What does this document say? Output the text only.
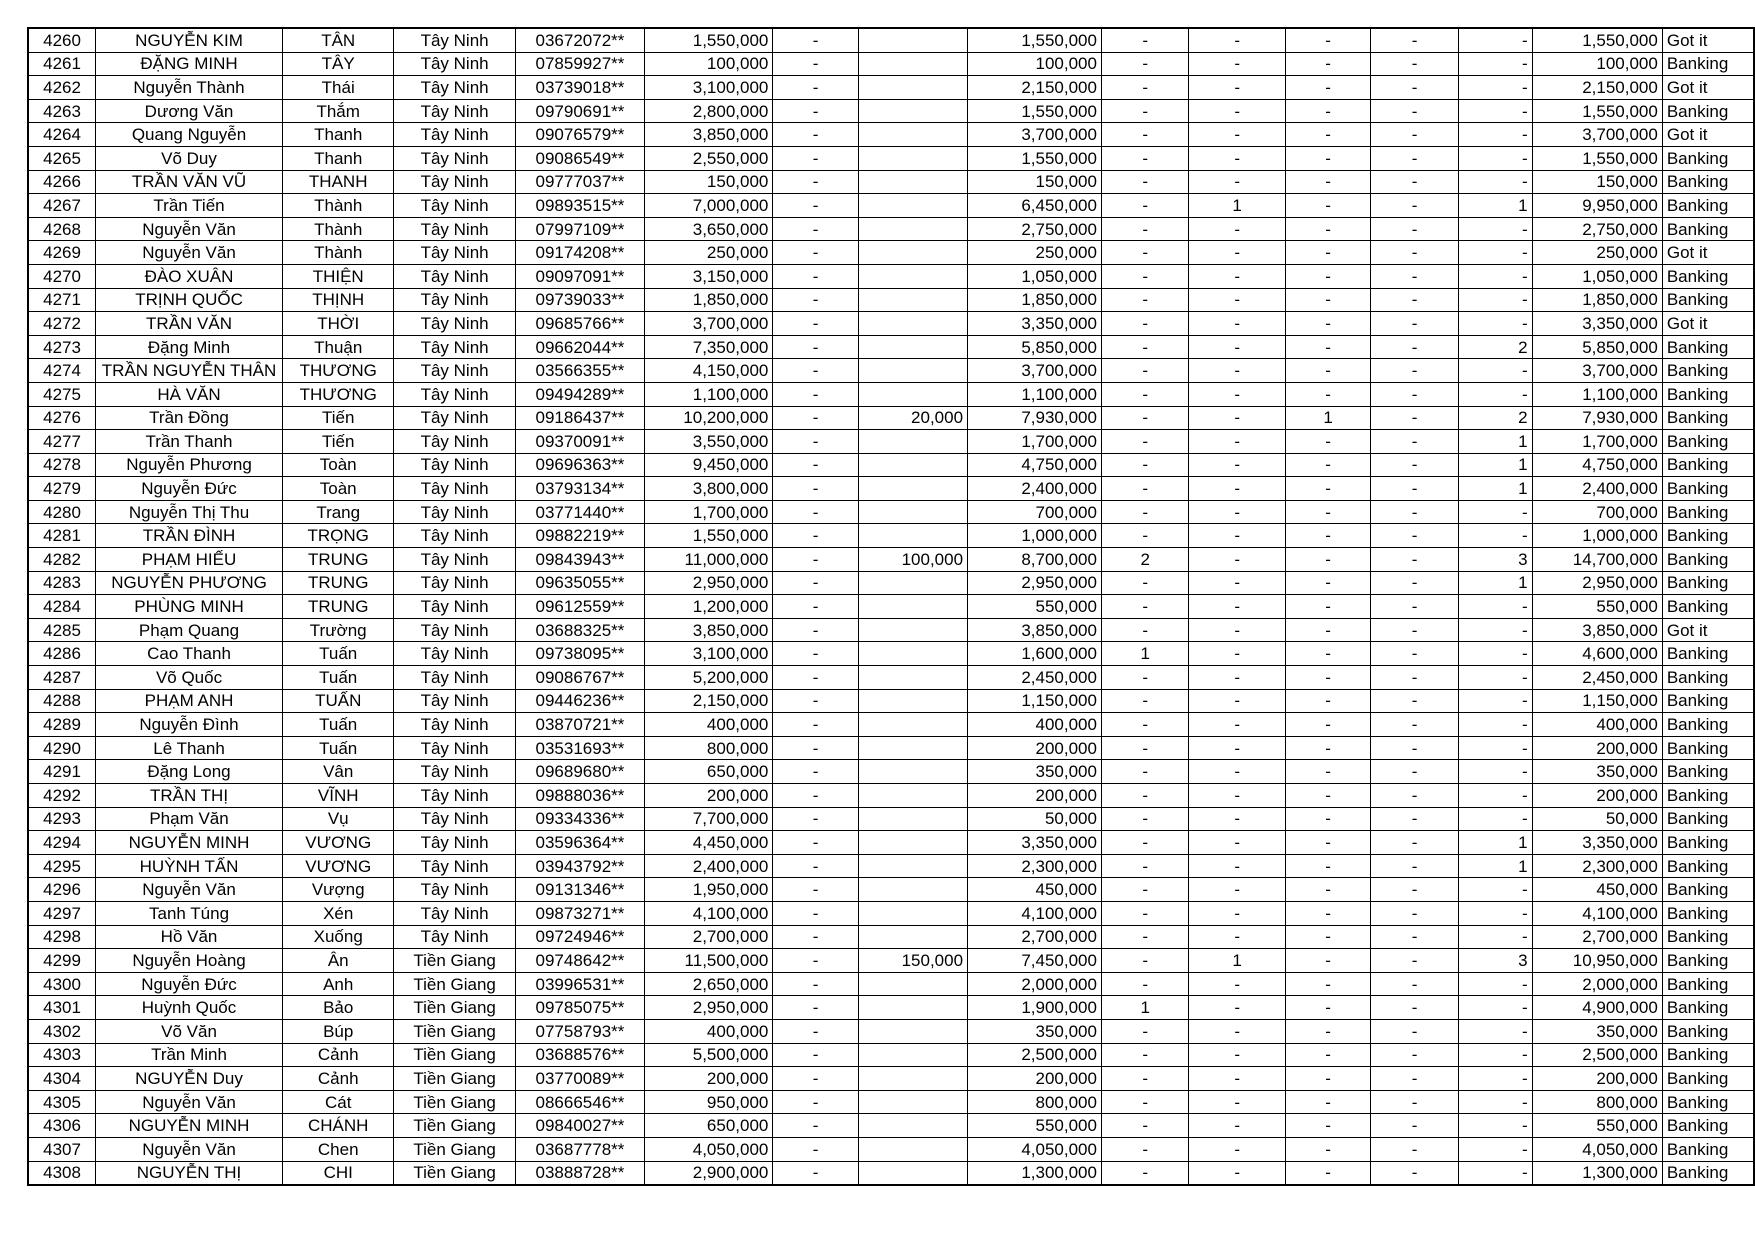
4260	NGUYỄN KIM	TÂN	Tây Ninh	03672072**	1,550,000	-		1,550,000	-	-	-	-	-	1,550,000	Got it
4261	ĐẶNG MINH	TÂY	Tây Ninh	07859927**	100,000	-		100,000	-	-	-	-	-	100,000	Banking
4262	Nguyễn Thành	Thái	Tây Ninh	03739018**	3,100,000	-		2,150,000	-	-	-	-	-	2,150,000	Got it
4263	Dương Văn	Thắm	Tây Ninh	09790691**	2,800,000	-		1,550,000	-	-	-	-	-	1,550,000	Banking
4264	Quang Nguyễn	Thanh	Tây Ninh	09076579**	3,850,000	-		3,700,000	-	-	-	-	-	3,700,000	Got it
4265	Võ Duy	Thanh	Tây Ninh	09086549**	2,550,000	-		1,550,000	-	-	-	-	-	1,550,000	Banking
4266	TRẦN VĂN VŨ	THANH	Tây Ninh	09777037**	150,000	-		150,000	-	-	-	-	-	150,000	Banking
4267	Trần Tiến	Thành	Tây Ninh	09893515**	7,000,000	-		6,450,000	-	1	-	-	1	9,950,000	Banking
4268	Nguyễn Văn	Thành	Tây Ninh	07997109**	3,650,000	-		2,750,000	-	-	-	-	-	2,750,000	Banking
4269	Nguyễn Văn	Thành	Tây Ninh	09174208**	250,000	-		250,000	-	-	-	-	-	250,000	Got it
4270	ĐÀO XUÂN	THIỆN	Tây Ninh	09097091**	3,150,000	-		1,050,000	-	-	-	-	-	1,050,000	Banking
4271	TRỊNH QUỐC	THỊNH	Tây Ninh	09739033**	1,850,000	-		1,850,000	-	-	-	-	-	1,850,000	Banking
4272	TRẦN VĂN	THỜI	Tây Ninh	09685766**	3,700,000	-		3,350,000	-	-	-	-	-	3,350,000	Got it
4273	Đặng Minh	Thuận	Tây Ninh	09662044**	7,350,000	-		5,850,000	-	-	-	-	2	5,850,000	Banking
4274	TRẦN NGUYỄN THÂN	THƯƠNG	Tây Ninh	03566355**	4,150,000	-		3,700,000	-	-	-	-	-	3,700,000	Banking
4275	HÀ VĂN	THƯƠNG	Tây Ninh	09494289**	1,100,000	-		1,100,000	-	-	-	-	-	1,100,000	Banking
4276	Trần Đồng	Tiến	Tây Ninh	09186437**	10,200,000	-	20,000	7,930,000	-	-	1	-	2	7,930,000	Banking
4277	Trần Thanh	Tiến	Tây Ninh	09370091**	3,550,000	-		1,700,000	-	-	-	-	1	1,700,000	Banking
4278	Nguyễn Phương	Toàn	Tây Ninh	09696363**	9,450,000	-		4,750,000	-	-	-	-	1	4,750,000	Banking
4279	Nguyễn Đức	Toàn	Tây Ninh	03793134**	3,800,000	-		2,400,000	-	-	-	-	1	2,400,000	Banking
4280	Nguyễn Thị Thu	Trang	Tây Ninh	03771440**	1,700,000	-		700,000	-	-	-	-	-	700,000	Banking
4281	TRẦN ĐÌNH	TRỌNG	Tây Ninh	09882219**	1,550,000	-		1,000,000	-	-	-	-	-	1,000,000	Banking
4282	PHẠM HIẾU	TRUNG	Tây Ninh	09843943**	11,000,000	-	100,000	8,700,000	2	-	-	-	3	14,700,000	Banking
4283	NGUYỄN PHƯƠNG	TRUNG	Tây Ninh	09635055**	2,950,000	-		2,950,000	-	-	-	-	1	2,950,000	Banking
4284	PHÙNG MINH	TRUNG	Tây Ninh	09612559**	1,200,000	-		550,000	-	-	-	-	-	550,000	Banking
4285	Phạm Quang	Trường	Tây Ninh	03688325**	3,850,000	-		3,850,000	-	-	-	-	-	3,850,000	Got it
4286	Cao Thanh	Tuấn	Tây Ninh	09738095**	3,100,000	-		1,600,000	1	-	-	-	-	4,600,000	Banking
4287	Võ Quốc	Tuấn	Tây Ninh	09086767**	5,200,000	-		2,450,000	-	-	-	-	-	2,450,000	Banking
4288	PHẠM ANH	TUẤN	Tây Ninh	09446236**	2,150,000	-		1,150,000	-	-	-	-	-	1,150,000	Banking
4289	Nguyễn Đình	Tuấn	Tây Ninh	03870721**	400,000	-		400,000	-	-	-	-	-	400,000	Banking
4290	Lê Thanh	Tuấn	Tây Ninh	03531693**	800,000	-		200,000	-	-	-	-	-	200,000	Banking
4291	Đặng Long	Vân	Tây Ninh	09689680**	650,000	-		350,000	-	-	-	-	-	350,000	Banking
4292	TRẦN THỊ	VĨNH	Tây Ninh	09888036**	200,000	-		200,000	-	-	-	-	-	200,000	Banking
4293	Phạm Văn	Vụ	Tây Ninh	09334336**	7,700,000	-		50,000	-	-	-	-	-	50,000	Banking
4294	NGUYỄN MINH	VƯƠNG	Tây Ninh	03596364**	4,450,000	-		3,350,000	-	-	-	-	1	3,350,000	Banking
4295	HUỲNH TẤN	VƯƠNG	Tây Ninh	03943792**	2,400,000	-		2,300,000	-	-	-	-	1	2,300,000	Banking
4296	Nguyễn Văn	Vượng	Tây Ninh	09131346**	1,950,000	-		450,000	-	-	-	-	-	450,000	Banking
4297	Tanh Túng	Xén	Tây Ninh	09873271**	4,100,000	-		4,100,000	-	-	-	-	-	4,100,000	Banking
4298	Hồ Văn	Xuống	Tây Ninh	09724946**	2,700,000	-		2,700,000	-	-	-	-	-	2,700,000	Banking
4299	Nguyễn Hoàng	Ân	Tiền Giang	09748642**	11,500,000	-	150,000	7,450,000	-	1	-	-	3	10,950,000	Banking
4300	Nguyễn Đức	Anh	Tiền Giang	03996531**	2,650,000	-		2,000,000	-	-	-	-	-	2,000,000	Banking
4301	Huỳnh Quốc	Bảo	Tiền Giang	09785075**	2,950,000	-		1,900,000	1	-	-	-	-	4,900,000	Banking
4302	Võ Văn	Búp	Tiền Giang	07758793**	400,000	-		350,000	-	-	-	-	-	350,000	Banking
4303	Trần Minh	Cảnh	Tiền Giang	03688576**	5,500,000	-		2,500,000	-	-	-	-	-	2,500,000	Banking
4304	NGUYỄN Duy	Cảnh	Tiền Giang	03770089**	200,000	-		200,000	-	-	-	-	-	200,000	Banking
4305	Nguyễn Văn	Cát	Tiền Giang	08666546**	950,000	-		800,000	-	-	-	-	-	800,000	Banking
4306	NGUYỄN MINH	CHÁNH	Tiền Giang	09840027**	650,000	-		550,000	-	-	-	-	-	550,000	Banking
4307	Nguyễn Văn	Chen	Tiền Giang	03687778**	4,050,000	-		4,050,000	-	-	-	-	-	4,050,000	Banking
4308	NGUYỄN THỊ	CHI	Tiền Giang	03888728**	2,900,000	-		1,300,000	-	-	-	-	-	1,300,000	Banking
